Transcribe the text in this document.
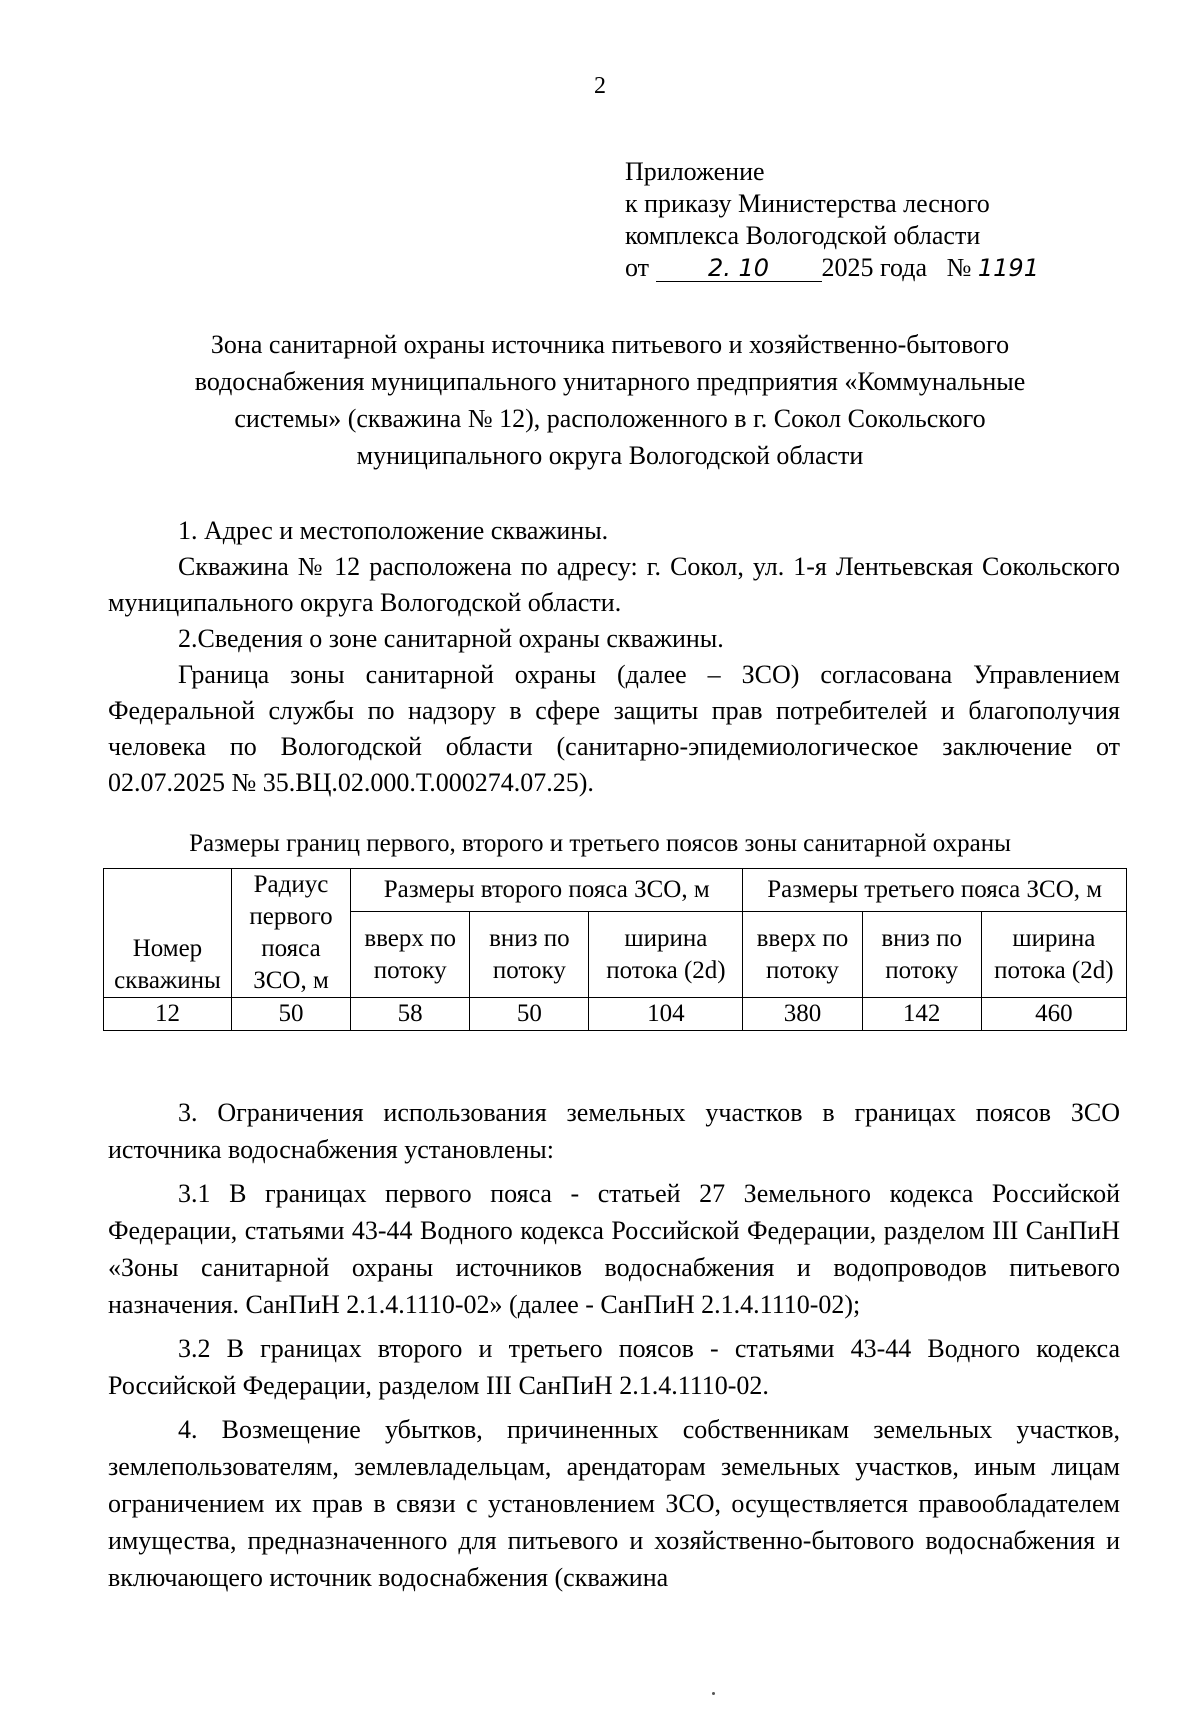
2
Приложение
к приказу Министерства лесного
комплекса Вологодской области
от 2. 10 2025 года № 1191
Зона санитарной охраны источника питьевого и хозяйственно-бытового
водоснабжения муниципального унитарного предприятия «Коммунальные
системы» (скважина № 12), расположенного в г. Сокол Сокольского
муниципального округа Вологодской области

1. Адрес и местоположение скважины.

Скважина № 12 расположена по адресу: г. Сокол, ул. 1-я Лентьевская Сокольского муниципального округа Вологодской области.

2.Сведения о зоне санитарной охраны скважины.

Граница зоны санитарной охраны (далее – ЗСО) согласована Управлением Федеральной службы по надзору в сфере защиты прав потребителей и благополучия человека по Вологодской области (санитарно-эпидемиологическое заключение от 02.07.2025 № 35.ВЦ.02.000.Т.000274.07.25).

Размеры границ первого, второго и третьего поясов зоны санитарной охраны
Номер скважины	Радиус первого пояса ЗСО, м	Размеры второго пояса ЗСО, м			Размеры третьего пояса ЗСО, м		
		вверх по потоку	вниз по потоку	ширина потока (2d)	вверх по потоку	вниз по потоку	ширина потока (2d)
12	50	58	50	104	380	142	460

3. Ограничения использования земельных участков в границах поясов ЗСО источника водоснабжения установлены:

3.1 В границах первого пояса - статьей 27 Земельного кодекса Российской Федерации, статьями 43-44 Водного кодекса Российской Федерации, разделом III СанПиН «Зоны санитарной охраны источников водоснабжения и водопроводов питьевого назначения. СанПиН 2.1.4.1110-02» (далее - СанПиН 2.1.4.1110-02);

3.2 В границах второго и третьего поясов - статьями 43-44 Водного кодекса Российской Федерации, разделом III СанПиН 2.1.4.1110-02.

4. Возмещение убытков, причиненных собственникам земельных участков, землепользователям, землевладельцам, арендаторам земельных участков, иным лицам ограничением их прав в связи с установлением ЗСО, осуществляется правообладателем имущества, предназначенного для питьевого и хозяйственно-бытового водоснабжения и включающего источник водоснабжения (скважина
